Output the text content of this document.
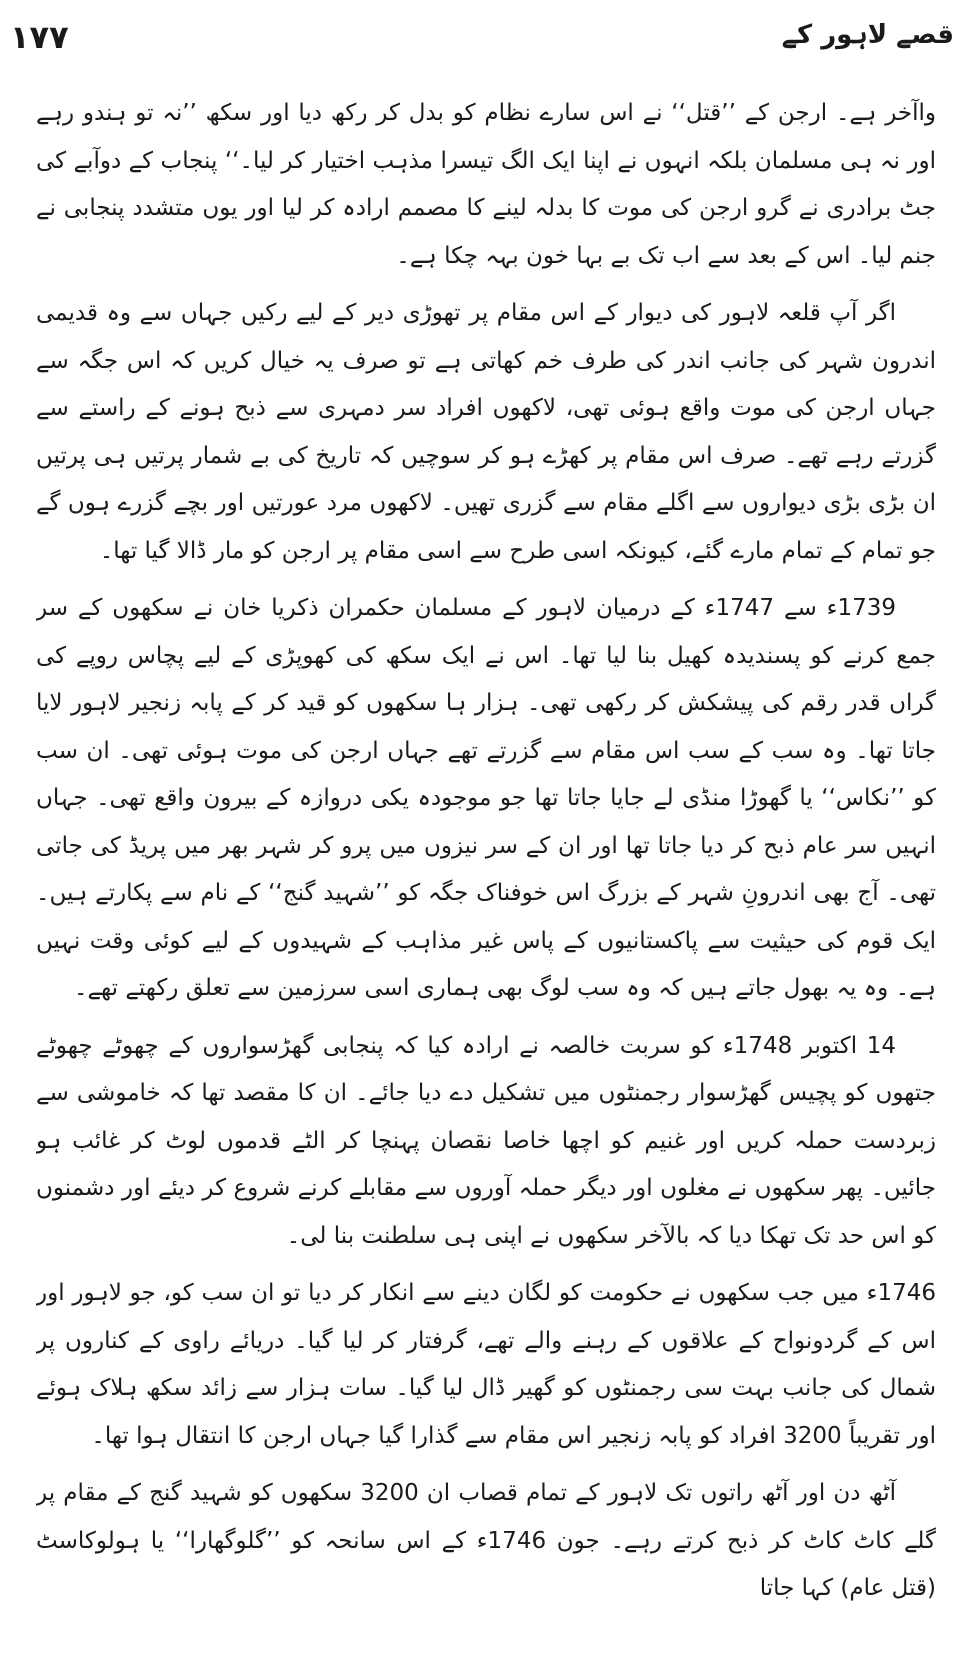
۱۷۷	قصے لاہور کے

واآخر ہے۔ ارجن کے ’’قتل‘‘ نے اس سارے نظام کو بدل کر رکھ دیا اور سکھ ’’نہ تو ہندو رہے اور نہ ہی مسلمان بلکہ انہوں نے اپنا ایک الگ تیسرا مذہب اختیار کر لیا۔‘‘ پنجاب کے دوآبے کی جٹ برادری نے گرو ارجن کی موت کا بدلہ لینے کا مصمم ارادہ کر لیا اور یوں متشدد پنجابی نے جنم لیا۔ اس کے بعد سے اب تک بے بہا خون بہہ چکا ہے۔

اگر آپ قلعہ لاہور کی دیوار کے اس مقام پر تھوڑی دیر کے لیے رکیں جہاں سے وہ قدیمی اندرون شہر کی جانب اندر کی طرف خم کھاتی ہے تو صرف یہ خیال کریں کہ اس جگہ سے جہاں ارجن کی موت واقع ہوئی تھی، لاکھوں افراد سر دمہری سے ذبح ہونے کے راستے سے گزرتے رہے تھے۔ صرف اس مقام پر کھڑے ہو کر سوچیں کہ تاریخ کی بے شمار پرتیں ہی پرتیں ان بڑی بڑی دیواروں سے اگلے مقام سے گزری تھیں۔ لاکھوں مرد عورتیں اور بچے گزرے ہوں گے جو تمام کے تمام مارے گئے، کیونکہ اسی طرح سے اسی مقام پر ارجن کو مار ڈالا گیا تھا۔

1739ء سے 1747ء کے درمیان لاہور کے مسلمان حکمران ذکریا خان نے سکھوں کے سر جمع کرنے کو پسندیدہ کھیل بنا لیا تھا۔ اس نے ایک سکھ کی کھوپڑی کے لیے پچاس روپے کی گراں قدر رقم کی پیشکش کر رکھی تھی۔ ہزار ہا سکھوں کو قید کر کے پابہ زنجیر لاہور لایا جاتا تھا۔ وہ سب کے سب اس مقام سے گزرتے تھے جہاں ارجن کی موت ہوئی تھی۔ ان سب کو ’’نکاس‘‘ یا گھوڑا منڈی لے جایا جاتا تھا جو موجودہ یکی دروازہ کے بیرون واقع تھی۔ جہاں انہیں سر عام ذبح کر دیا جاتا تھا اور ان کے سر نیزوں میں پرو کر شہر بھر میں پریڈ کی جاتی تھی۔ آج بھی اندرونِ شہر کے بزرگ اس خوفناک جگہ کو ’’شہید گنج‘‘ کے نام سے پکارتے ہیں۔ ایک قوم کی حیثیت سے پاکستانیوں کے پاس غیر مذاہب کے شہیدوں کے لیے کوئی وقت نہیں ہے۔ وہ یہ بھول جاتے ہیں کہ وہ سب لوگ بھی ہماری اسی سرزمین سے تعلق رکھتے تھے۔

14 اکتوبر 1748ء کو سربت خالصہ نے ارادہ کیا کہ پنجابی گھڑسواروں کے چھوٹے چھوٹے جتھوں کو پچیس گھڑسوار رجمنٹوں میں تشکیل دے دیا جائے۔ ان کا مقصد تھا کہ خاموشی سے زبردست حملہ کریں اور غنیم کو اچھا خاصا نقصان پہنچا کر الٹے قدموں لوٹ کر غائب ہو جائیں۔ پھر سکھوں نے مغلوں اور دیگر حملہ آوروں سے مقابلے کرنے شروع کر دیئے اور دشمنوں کو اس حد تک تھکا دیا کہ بالآخر سکھوں نے اپنی ہی سلطنت بنا لی۔

1746ء میں جب سکھوں نے حکومت کو لگان دینے سے انکار کر دیا تو ان سب کو، جو لاہور اور اس کے گردونواح کے علاقوں کے رہنے والے تھے، گرفتار کر لیا گیا۔ دریائے راوی کے کناروں پر شمال کی جانب بہت سی رجمنٹوں کو گھیر ڈال لیا گیا۔ سات ہزار سے زائد سکھ ہلاک ہوئے اور تقریباً 3200 افراد کو پابہ زنجیر اس مقام سے گذارا گیا جہاں ارجن کا انتقال ہوا تھا۔

آٹھ دن اور آٹھ راتوں تک لاہور کے تمام قصاب ان 3200 سکھوں کو شہید گنج کے مقام پر گلے کاٹ کاٹ کر ذبح کرتے رہے۔ جون 1746ء کے اس سانحہ کو ’’گلوگھارا‘‘ یا ہولوکاسٹ (قتل عام) کہا جاتا
